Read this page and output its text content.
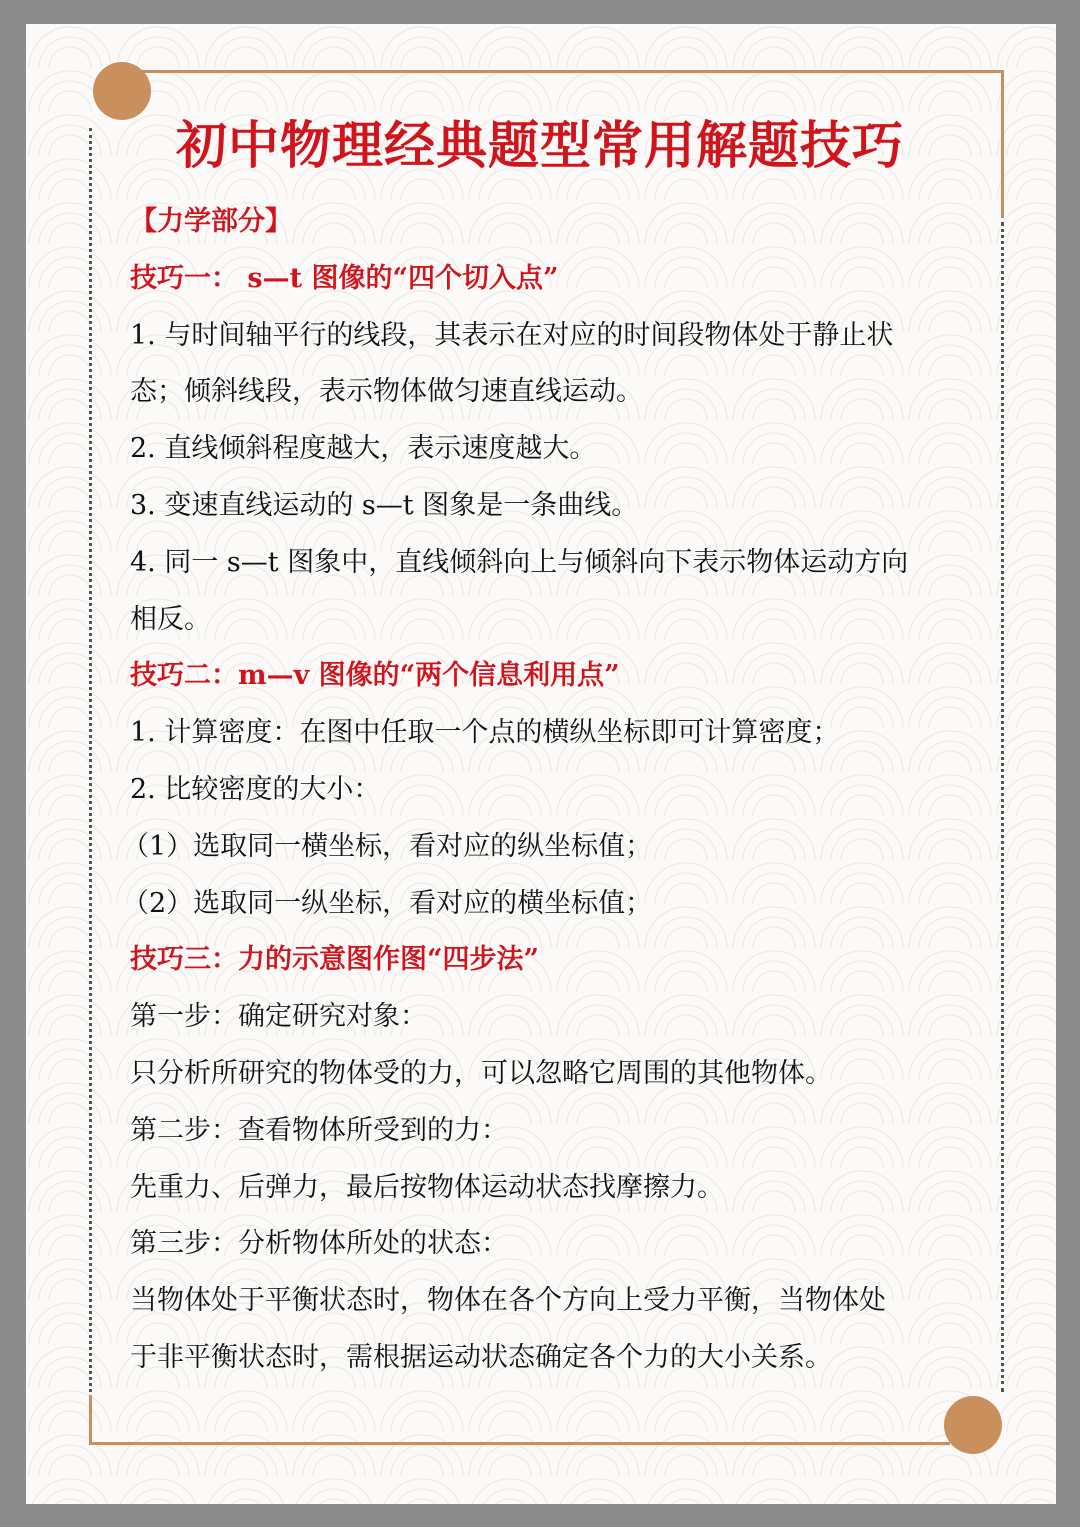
初中物理经典题型常用解题技巧

【力学部分】

技巧一： s—t 图像的“四个切入点”

1. 与时间轴平行的线段，其表示在对应的时间段物体处于静止状

态；倾斜线段，表示物体做匀速直线运动。

2. 直线倾斜程度越大，表示速度越大。

3. 变速直线运动的 s—t 图象是一条曲线。

4. 同一 s—t 图象中，直线倾斜向上与倾斜向下表示物体运动方向

相反。

技巧二：m—v 图像的“两个信息利用点”

1. 计算密度：在图中任取一个点的横纵坐标即可计算密度；

2. 比较密度的大小：

（1）选取同一横坐标，看对应的纵坐标值；

（2）选取同一纵坐标，看对应的横坐标值；

技巧三：力的示意图作图“四步法”

第一步：确定研究对象：

只分析所研究的物体受的力，可以忽略它周围的其他物体。

第二步：查看物体所受到的力：

先重力、后弹力，最后按物体运动状态找摩擦力。

第三步：分析物体所处的状态：

当物体处于平衡状态时，物体在各个方向上受力平衡，当物体处

于非平衡状态时，需根据运动状态确定各个力的大小关系。
